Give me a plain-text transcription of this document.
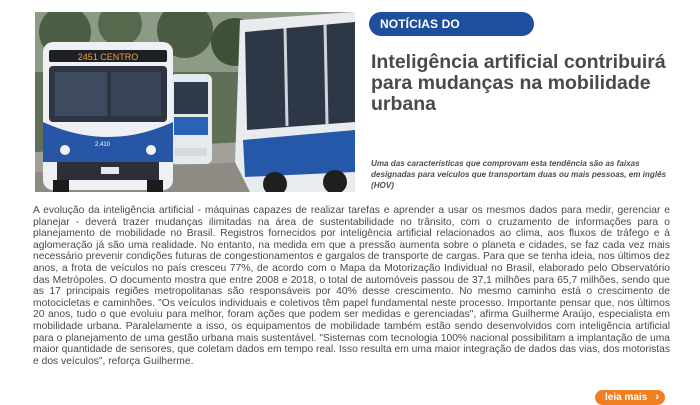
2451 CENTRO
2.410
NOTÍCIAS DO TRANSPORTE
Inteligência artificial contribuirá para mudanças na mobilidade urbana

Uma das características que comprovam esta tendência são as faixas designadas para veículos que transportam duas ou mais pessoas, em inglês (HOV)

A evolução da inteligência artificial - máquinas capazes de realizar tarefas e aprender a usar os mesmos dados para medir, gerenciar e planejar - deverá trazer mudanças ilimitadas na área de sustentabilidade no trânsito, com o cruzamento de informações para o planejamento de mobilidade no Brasil. Registros fornecidos por inteligência artificial relacionados ao clima, aos fluxos de tráfego e à aglomeração já são uma realidade. No entanto, na medida em que a pressão aumenta sobre o planeta e cidades, se faz cada vez mais necessário prevenir condições futuras de congestionamentos e gargalos de transporte de cargas. Para que se tenha ideia, nos últimos dez anos, a frota de veículos no país cresceu 77%, de acordo com o Mapa da Motorização Individual no Brasil, elaborado pelo Observatório das Metrópoles. O documento mostra que entre 2008 e 2018, o total de automóveis passou de 37,1 milhões para 65,7 milhões, sendo que as 17 principais regiões metropolitanas são responsáveis por 40% desse crescimento. No mesmo caminho está o crescimento de motocicletas e caminhões. "Os veículos individuais e coletivos têm papel fundamental neste processo. Importante pensar que, nos últimos 20 anos, tudo o que evoluiu para melhor, foram ações que podem ser medidas e gerenciadas", afirma Guilherme Araújo, especialista em mobilidade urbana. Paralelamente a isso, os equipamentos de mobilidade também estão sendo desenvolvidos com inteligência artificial para o planejamento de uma gestão urbana mais sustentável. "Sistemas com tecnologia 100% nacional possibilitam a implantação de uma maior quantidade de sensores, que coletam dados em tempo real. Isso resulta em uma maior integração de dados das vias, dos motoristas e dos veículos", reforça Guilherme.

leia mais ›
